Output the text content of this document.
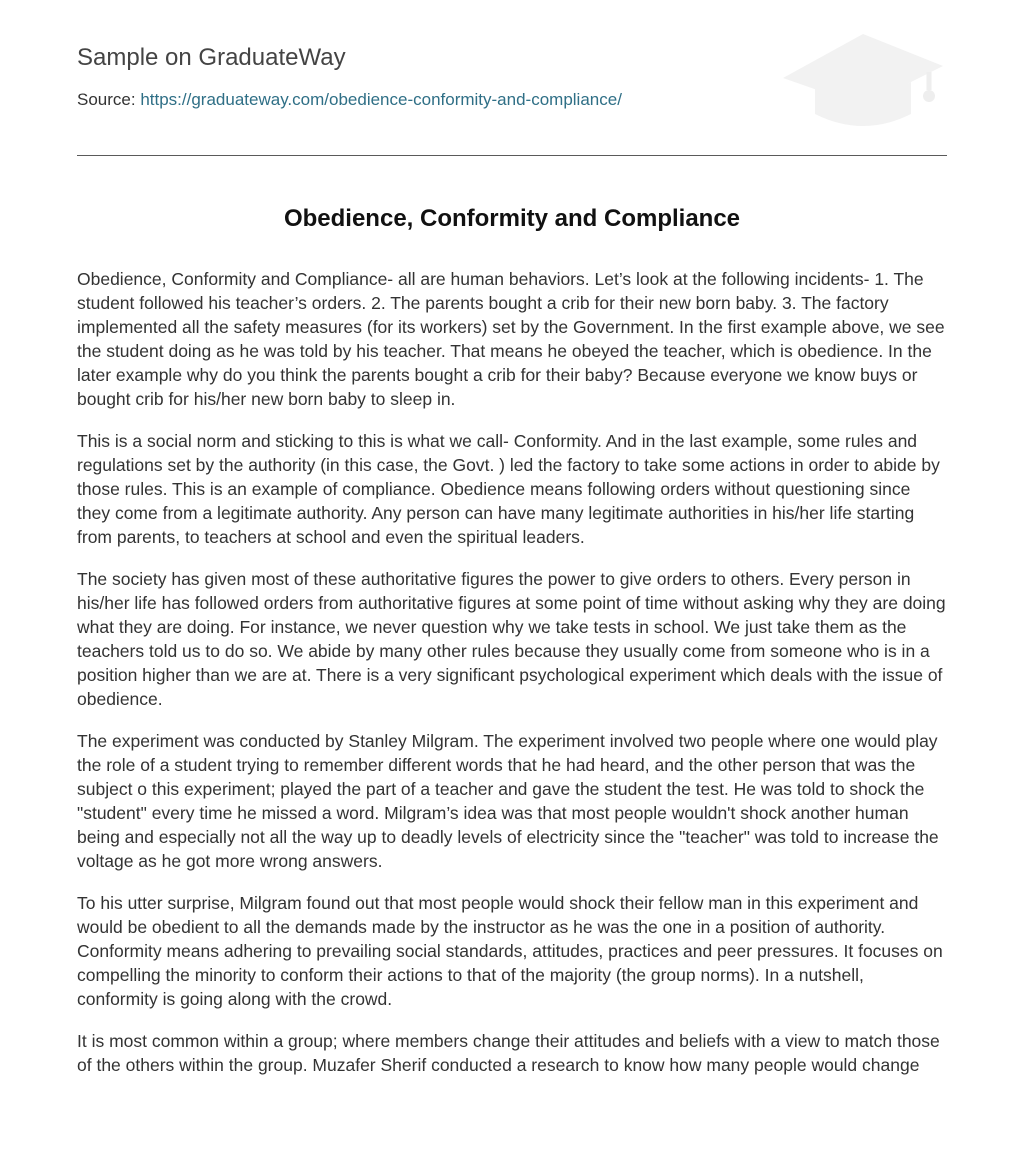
Sample on GraduateWay
Source: https://graduateway.com/obedience-conformity-and-compliance/
Obedience, Conformity and Compliance

Obedience, Conformity and Compliance- all are human behaviors. Let’s look at the following incidents- 1. The student followed his teacher’s orders. 2. The parents bought a crib for their new born baby. 3. The factory implemented all the safety measures (for its workers) set by the Government. In the first example above, we see the student doing as he was told by his teacher. That means he obeyed the teacher, which is obedience. In the later example why do you think the parents bought a crib for their baby? Because everyone we know buys or bought crib for his/her new born baby to sleep in.

This is a social norm and sticking to this is what we call- Conformity. And in the last example, some rules and regulations set by the authority (in this case, the Govt. ) led the factory to take some actions in order to abide by those rules. This is an example of compliance. Obedience means following orders without questioning since they come from a legitimate authority. Any person can have many legitimate authorities in his/her life starting from parents, to teachers at school and even the spiritual leaders.

The society has given most of these authoritative figures the power to give orders to others. Every person in his/her life has followed orders from authoritative figures at some point of time without asking why they are doing what they are doing. For instance, we never question why we take tests in school. We just take them as the teachers told us to do so. We abide by many other rules because they usually come from someone who is in a position higher than we are at. There is a very significant psychological experiment which deals with the issue of obedience.

The experiment was conducted by Stanley Milgram. The experiment involved two people where one would play the role of a student trying to remember different words that he had heard, and the other person that was the subject o this experiment; played the part of a teacher and gave the student the test. He was told to shock the "student" every time he missed a word. Milgram’s idea was that most people wouldn't shock another human being and especially not all the way up to deadly levels of electricity since the "teacher" was told to increase the voltage as he got more wrong answers.

To his utter surprise, Milgram found out that most people would shock their fellow man in this experiment and would be obedient to all the demands made by the instructor as he was the one in a position of authority. Conformity means adhering to prevailing social standards, attitudes, practices and peer pressures. It focuses on compelling the minority to conform their actions to that of the majority (the group norms). In a nutshell, conformity is going along with the crowd.

It is most common within a group; where members change their attitudes and beliefs with a view to match those of the others within the group. Muzafer Sherif conducted a research to know how many people would change
